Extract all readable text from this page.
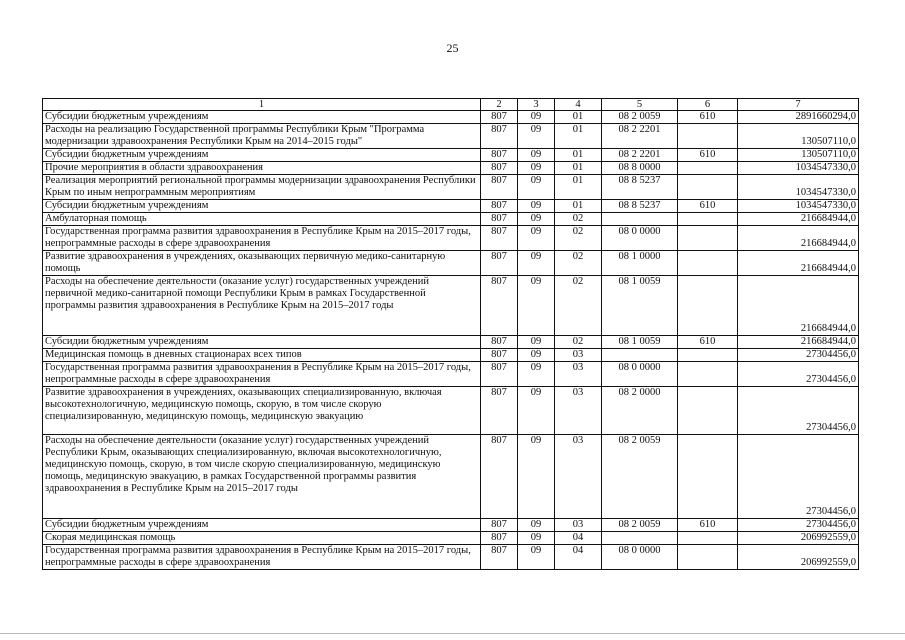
25
1	2	3	4	5	6	7
Субсидии бюджетным учреждениям	807	09	01	08 2 0059	610	2891660294,0
Расходы на реализацию Государственной программы Республики Крым "Программа модернизации здравоохранения Республики Крым на 2014–2015 годы"	807	09	01	08 2 2201		130507110,0
Субсидии бюджетным учреждениям	807	09	01	08 2 2201	610	130507110,0
Прочие мероприятия в области здравоохранения	807	09	01	08 8 0000		1034547330,0
Реализация мероприятий региональной программы модернизации здравоохранения Республики Крым по иным непрограммным мероприятиям	807	09	01	08 8 5237		1034547330,0
Субсидии бюджетным учреждениям	807	09	01	08 8 5237	610	1034547330,0
Амбулаторная помощь	807	09	02			216684944,0
Государственная программа развития здравоохранения в Республике Крым на 2015–2017 годы, непрограммные расходы в сфере здравоохранения	807	09	02	08 0 0000		216684944,0
Развитие здравоохранения в учреждениях, оказывающих первичную медико-санитарную помощь	807	09	02	08 1 0000		216684944,0
Расходы на обеспечение деятельности (оказание услуг) государственных учреждений первичной медико-санитарной помощи Республики Крым в рамках Государственной программы развития здравоохранения в Республике Крым на 2015–2017 годы	807	09	02	08 1 0059		216684944,0
Субсидии бюджетным учреждениям	807	09	02	08 1 0059	610	216684944,0
Медицинская помощь в дневных стационарах всех типов	807	09	03			27304456,0
Государственная программа развития здравоохранения в Республике Крым на 2015–2017 годы, непрограммные расходы в сфере здравоохранения	807	09	03	08 0 0000		27304456,0
Развитие здравоохранения в учреждениях, оказывающих специализированную, включая высокотехнологичную, медицинскую помощь, скорую, в том числе скорую специализированную, медицинскую помощь, медицинскую эвакуацию	807	09	03	08 2 0000		27304456,0
Расходы на обеспечение деятельности (оказание услуг) государственных учреждений Республики Крым, оказывающих специализированную, включая высокотехнологичную, медицинскую помощь, скорую, в том числе скорую специализированную, медицинскую помощь, медицинскую эвакуацию, в рамках Государственной программы развития здравоохранения в Республике Крым на 2015–2017 годы	807	09	03	08 2 0059		27304456,0
Субсидии бюджетным учреждениям	807	09	03	08 2 0059	610	27304456,0
Скорая медицинская помощь	807	09	04			206992559,0
Государственная программа развития здравоохранения в Республике Крым на 2015–2017 годы, непрограммные расходы в сфере здравоохранения	807	09	04	08 0 0000		206992559,0
